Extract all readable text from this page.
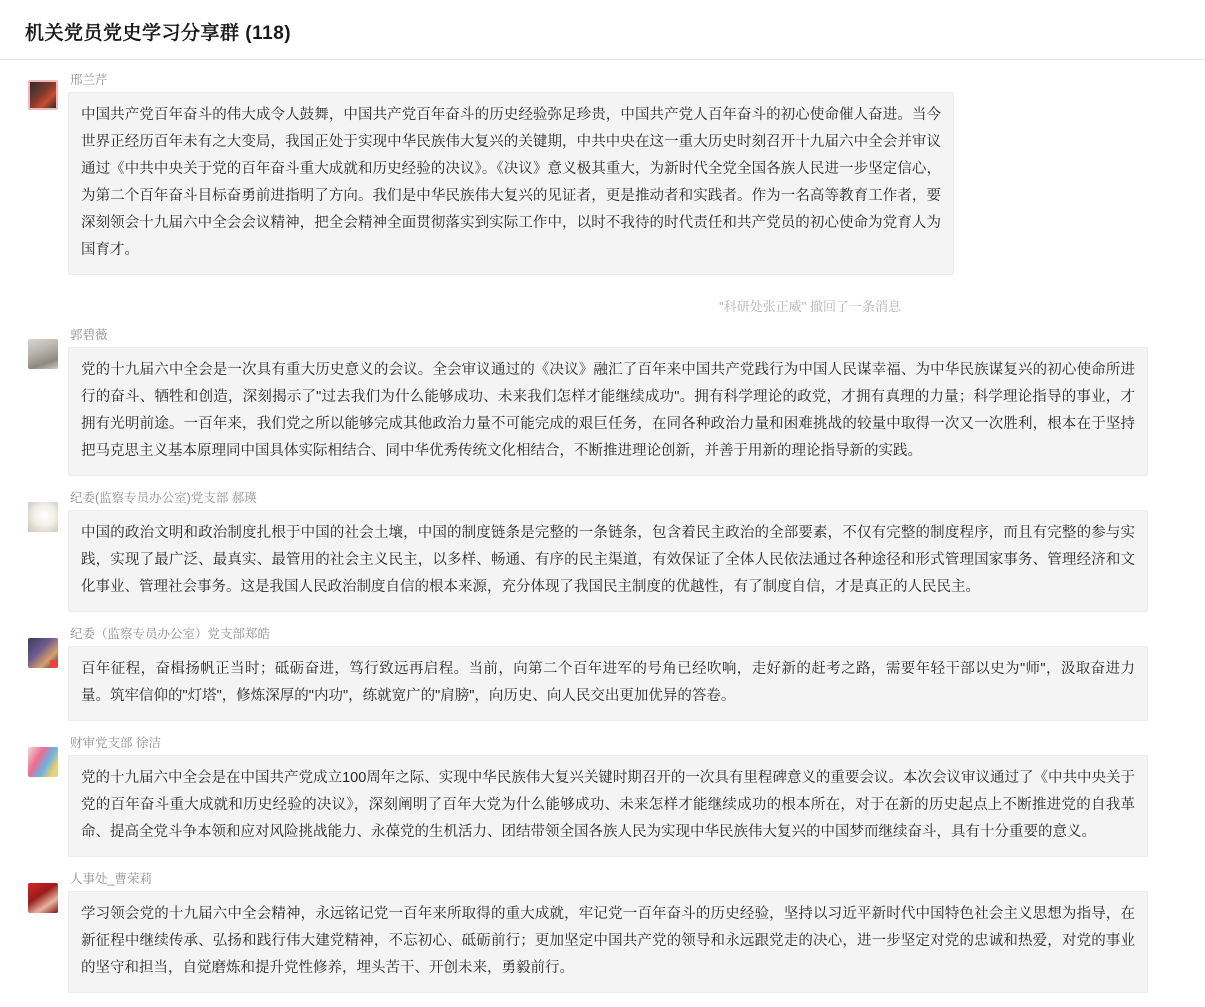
机关党员党史学习分享群 (118)
邢兰芹
中国共产党百年奋斗的伟大成令人鼓舞，中国共产党百年奋斗的历史经验弥足珍贵，中国共产党人百年奋斗的初心使命催人奋进。当今世界正经历百年未有之大变局，我国正处于实现中华民族伟大复兴的关键期，中共中央在这一重大历史时刻召开十九届六中全会并审议通过《中共中央关于党的百年奋斗重大成就和历史经验的决议》。《决议》意义极其重大，为新时代全党全国各族人民进一步坚定信心，为第二个百年奋斗目标奋勇前进指明了方向。我们是中华民族伟大复兴的见证者，更是推动者和实践者。作为一名高等教育工作者，要深刻领会十九届六中全会会议精神，把全会精神全面贯彻落实到实际工作中，以时不我待的时代责任和共产党员的初心使命为党育人为国育才。
"科研处张正威" 撤回了一条消息
郭碧薇
党的十九届六中全会是一次具有重大历史意义的会议。全会审议通过的《决议》融汇了百年来中国共产党践行为中国人民谋幸福、为中华民族谋复兴的初心使命所进行的奋斗、牺牲和创造，深刻揭示了"过去我们为什么能够成功、未来我们怎样才能继续成功"。拥有科学理论的政党，才拥有真理的力量；科学理论指导的事业，才拥有光明前途。一百年来，我们党之所以能够完成其他政治力量不可能完成的艰巨任务，在同各种政治力量和困难挑战的较量中取得一次又一次胜利，根本在于坚持把马克思主义基本原理同中国具体实际相结合、同中华优秀传统文化相结合，不断推进理论创新，并善于用新的理论指导新的实践。
纪委(监察专员办公室)党支部 郝瑛
中国的政治文明和政治制度扎根于中国的社会土壤，中国的制度链条是完整的一条链条，包含着民主政治的全部要素，不仅有完整的制度程序，而且有完整的参与实践，实现了最广泛、最真实、最管用的社会主义民主，以多样、畅通、有序的民主渠道，有效保证了全体人民依法通过各种途径和形式管理国家事务、管理经济和文化事业、管理社会事务。这是我国人民政治制度自信的根本来源，充分体现了我国民主制度的优越性，有了制度自信，才是真正的人民民主。
纪委（监察专员办公室）党支部郑皓
百年征程，奋楫扬帆正当时；砥砺奋进，笃行致远再启程。当前，向第二个百年进军的号角已经吹响，走好新的赶考之路，需要年轻干部以史为"师"，汲取奋进力量。筑牢信仰的"灯塔"，修炼深厚的"内功"，练就宽广的"肩膀"，向历史、向人民交出更加优异的答卷。
财审党支部 徐洁
党的十九届六中全会是在中国共产党成立100周年之际、实现中华民族伟大复兴关键时期召开的一次具有里程碑意义的重要会议。本次会议审议通过了《中共中央关于党的百年奋斗重大成就和历史经验的决议》，深刻阐明了百年大党为什么能够成功、未来怎样才能继续成功的根本所在，对于在新的历史起点上不断推进党的自我革命、提高全党斗争本领和应对风险挑战能力、永葆党的生机活力、团结带领全国各族人民为实现中华民族伟大复兴的中国梦而继续奋斗，具有十分重要的意义。
人事处_曹荣莉
学习领会党的十九届六中全会精神，永远铭记党一百年来所取得的重大成就，牢记党一百年奋斗的历史经验，坚持以习近平新时代中国特色社会主义思想为指导，在新征程中继续传承、弘扬和践行伟大建党精神，不忘初心、砥砺前行；更加坚定中国共产党的领导和永远跟党走的决心，进一步坚定对党的忠诚和热爱，对党的事业的坚守和担当，自觉磨炼和提升党性修养，埋头苦干、开创未来，勇毅前行。
